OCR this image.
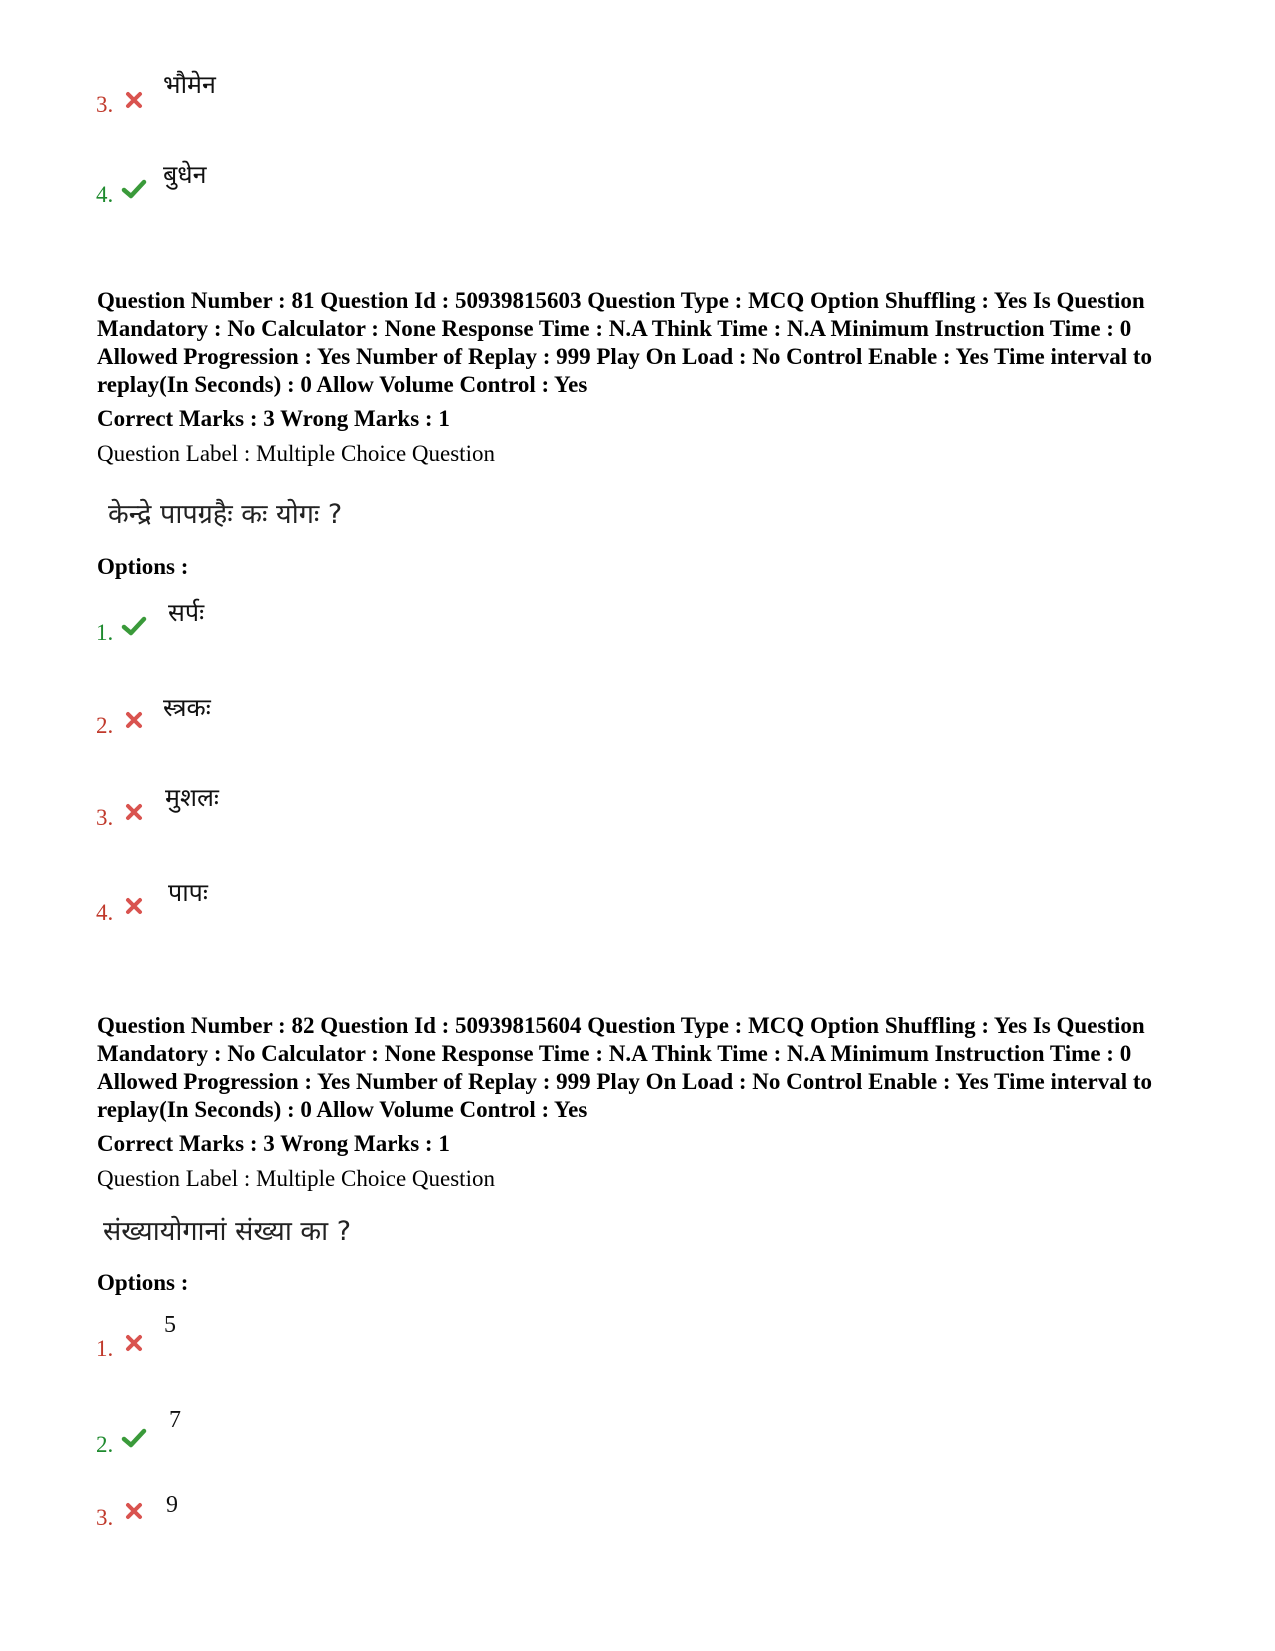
3.
भौमेन
4.
बुधेन

Question Number : 81 Question Id : 50939815603 Question Type : MCQ Option Shuffling : Yes Is Question Mandatory : No Calculator : None Response Time : N.A Think Time : N.A Minimum Instruction Time : 0 Allowed Progression : Yes Number of Replay : 999 Play On Load : No Control Enable : Yes Time interval to replay(In Seconds) : 0 Allow Volume Control : Yes

Correct Marks : 3 Wrong Marks : 1
Question Label : Multiple Choice Question
केन्द्रे पापग्रहैः कः योगः ?
Options :
1.
सर्पः
2.
स्त्रकः
3.
मुशलः
4.
पापः

Question Number : 82 Question Id : 50939815604 Question Type : MCQ Option Shuffling : Yes Is Question Mandatory : No Calculator : None Response Time : N.A Think Time : N.A Minimum Instruction Time : 0 Allowed Progression : Yes Number of Replay : 999 Play On Load : No Control Enable : Yes Time interval to replay(In Seconds) : 0 Allow Volume Control : Yes

Correct Marks : 3 Wrong Marks : 1
Question Label : Multiple Choice Question
संख्यायोगानां संख्या का ?
Options :
1.
5
2.
7
3. 9
